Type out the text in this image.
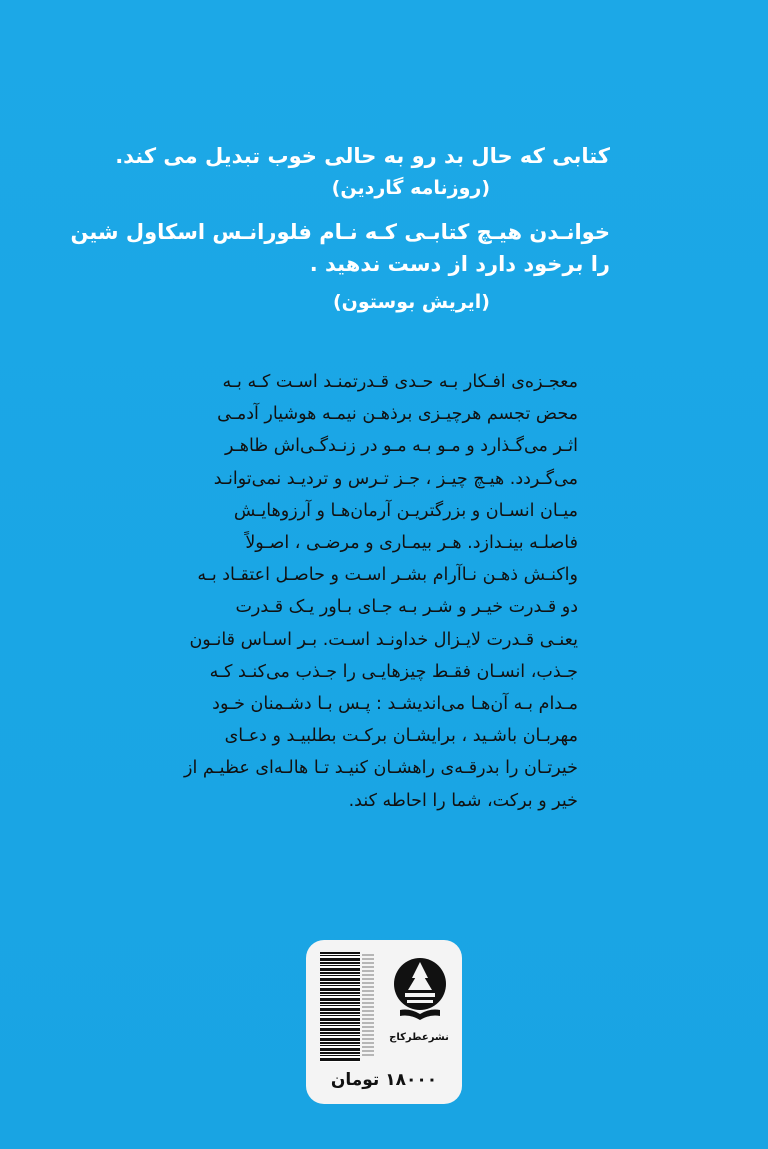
کتابی که حال بد رو به حالی خوب تبدیل می کند.
(روزنامه گاردین)
خوانـدن هیـچ کتابـی کـه نـام فلورانـس اسکاول شین
را برخود دارد از دست ندهید .
(ایریش بوستون)
معجـزه‌ی افـکار بـه حـدی قـدرتمنـد اسـت کـه بـه
محض تجسم هرچیـزی برذهـن نیمـه هوشیار آدمـی
اثـر می‌گـذارد و مـو بـه مـو در زنـدگـی‌اش ظاهـر
می‌گـردد. هیـچ چیـز ، جـز تـرس و تردیـد نمی‌توانـد
میـان انسـان و بزرگتریـن آرمان‌هـا و آرزوهایـش
فاصلـه بینـدازد. هـر بیمـاری و مرضـی ، اصـولاً
واکنـش ذهـن نـاآرام بشـر اسـت و حاصـل اعتقـاد بـه
دو قـدرت خیـر و شـر بـه جـای بـاور یـک قـدرت
یعنـی قـدرت لایـزال خداونـد اسـت. بـر اسـاس قانـون
جـذب، انسـان فقـط چیزهایـی را جـذب می‌کنـد کـه
مـدام بـه آن‌هـا می‌اندیشـد : پـس بـا دشـمنان خـود
مهربـان باشـید ، برایشـان برکـت بطلبیـد و دعـای
خیرتـان را بدرقـه‌ی راهشـان کنیـد تـا هالـه‌ای عظیـم از
خیر و برکت، شما را احاطه کند.
نشرعطرکاج
۱۸۰۰۰ تومان
